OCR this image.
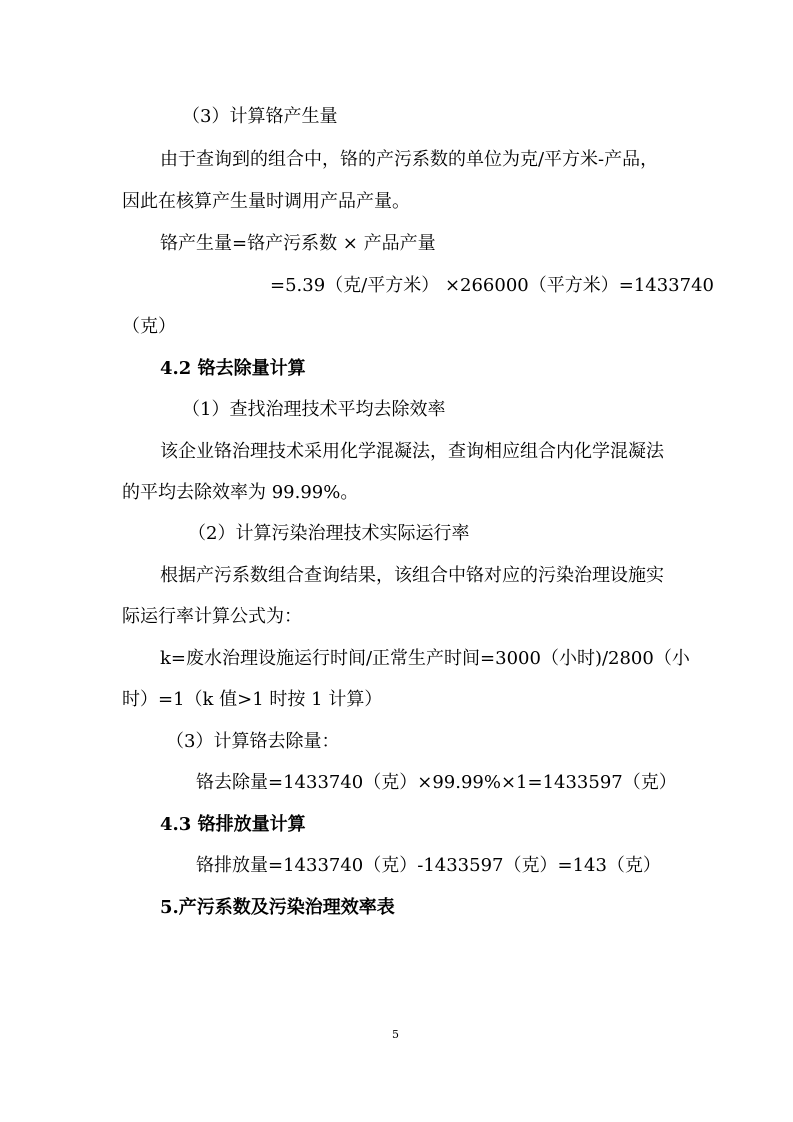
（3）计算铬产生量
由于查询到的组合中，铬的产污系数的单位为克/平方米-产品，
因此在核算产生量时调用产品产量。
铬产生量=铬产污系数 × 产品产量
=5.39（克/平方米） ×266000（平方米）=1433740
（克）
4.2 铬去除量计算
（1）查找治理技术平均去除效率
该企业铬治理技术采用化学混凝法，查询相应组合内化学混凝法
的平均去除效率为 99.99%。
（2）计算污染治理技术实际运行率
根据产污系数组合查询结果，该组合中铬对应的污染治理设施实
际运行率计算公式为：
k=废水治理设施运行时间/正常生产时间=3000（小时)/2800（小
时）=1（k 值>1 时按 1 计算）
（3）计算铬去除量：
铬去除量=1433740（克）×99.99%×1=1433597（克）
4.3 铬排放量计算
铬排放量=1433740（克）-1433597（克）=143（克）
5.产污系数及污染治理效率表
5
